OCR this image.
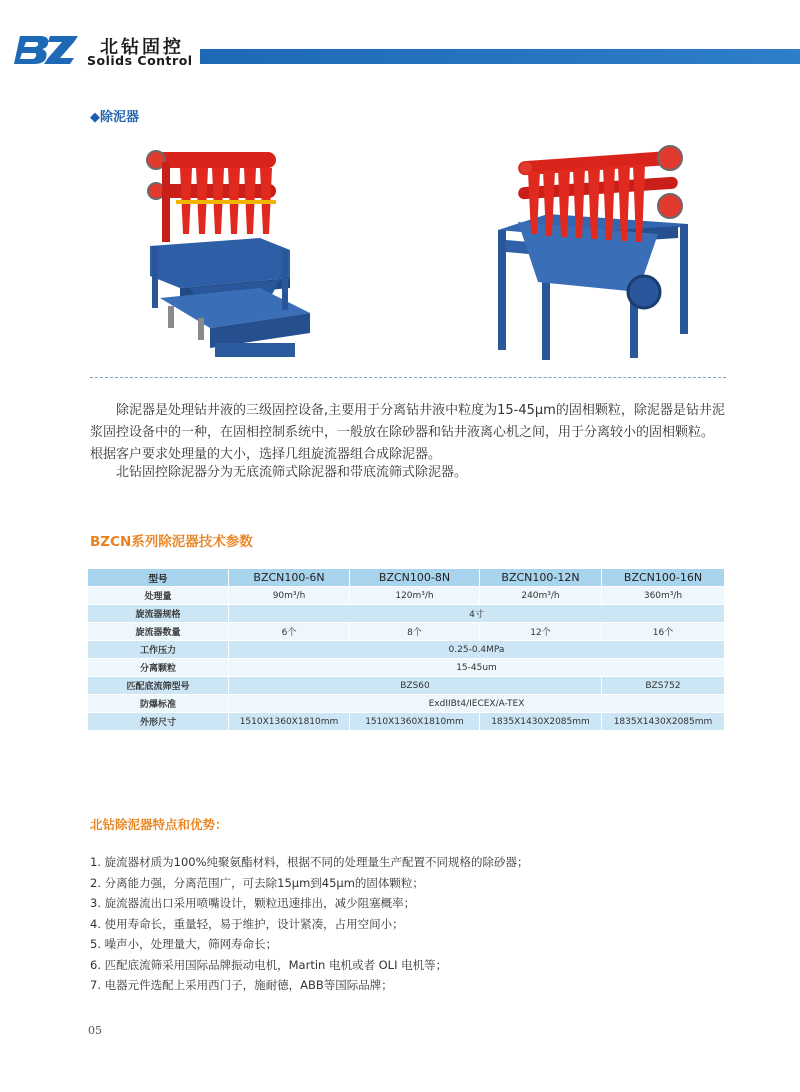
北钻固控
Solids Control
◆除泥器
除泥器是处理钻井液的三级固控设备,主要用于分离钻井液中粒度为15-45μm的固相颗粒，除泥器是钻井泥浆固控设备中的一种，在固相控制系统中，一般放在除砂器和钻井液离心机之间，用于分离较小的固相颗粒。根据客户要求处理量的大小，选择几组旋流器组合成除泥器。
北钻固控除泥器分为无底流筛式除泥器和带底流筛式除泥器。
BZCN系列除泥器技术参数
型号	BZCN100-6N	BZCN100-8N	BZCN100-12N	BZCN100-16N
处理量	90m³/h	120m³/h	240m³/h	360m³/h
旋流器规格	4寸			
旋流器数量	6个	8个	12个	16个
工作压力	0.25-0.4MPa			
分离颗粒	15-45um			
匹配底流筛型号	BZS60			BZS752
防爆标准	ExdIIBt4/IECEX/A-TEX			
外形尺寸	1510X1360X1810mm	1510X1360X1810mm	1835X1430X2085mm	1835X1430X2085mm
北钻除泥器特点和优势：
1. 旋流器材质为100%纯聚氨酯材料，根据不同的处理量生产配置不同规格的除砂器；
2. 分离能力强，分离范围广，可去除15μm到45μm的固体颗粒；
3. 旋流器流出口采用喷嘴设计，颗粒迅速排出，减少阻塞概率；
4. 使用寿命长，重量轻，易于维护，设计紧凑，占用空间小；
5. 噪声小，处理量大，筛网寿命长；
6. 匹配底流筛采用国际品牌振动电机，Martin 电机或者 OLI 电机等；
7. 电器元件选配上采用西门子，施耐德，ABB等国际品牌；
05
